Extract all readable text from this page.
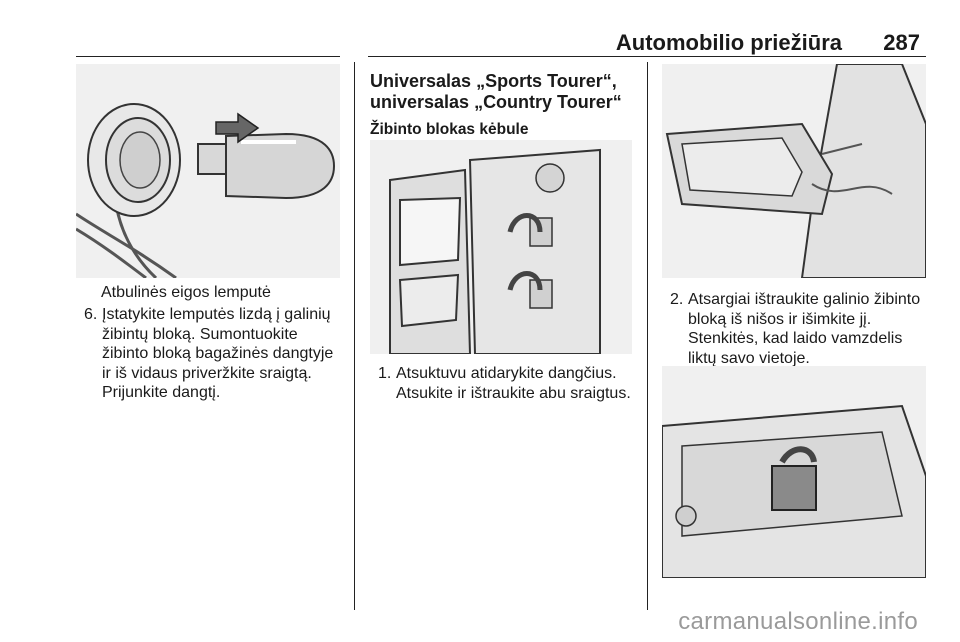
Automobilio priežiūra 287
Atbulinės eigos lemputė
6. Įstatykite lemputės lizdą į galinių žibintų bloką. Sumontuokite žibinto bloką bagažinės dangtyje ir iš vidaus priveržkite sraigtą. Prijunkite dangtį.
Universalas „Sports Tourer“, universalas „Country Tourer“
Žibinto blokas kėbule
1. Atsuktuvu atidarykite dangčius. Atsukite ir ištraukite abu sraigtus.
2. Atsargiai ištraukite galinio žibinto bloką iš nišos ir išimkite jį. Stenkitės, kad laido vamzdelis liktų savo vietoje.
carmanualsonline.info
